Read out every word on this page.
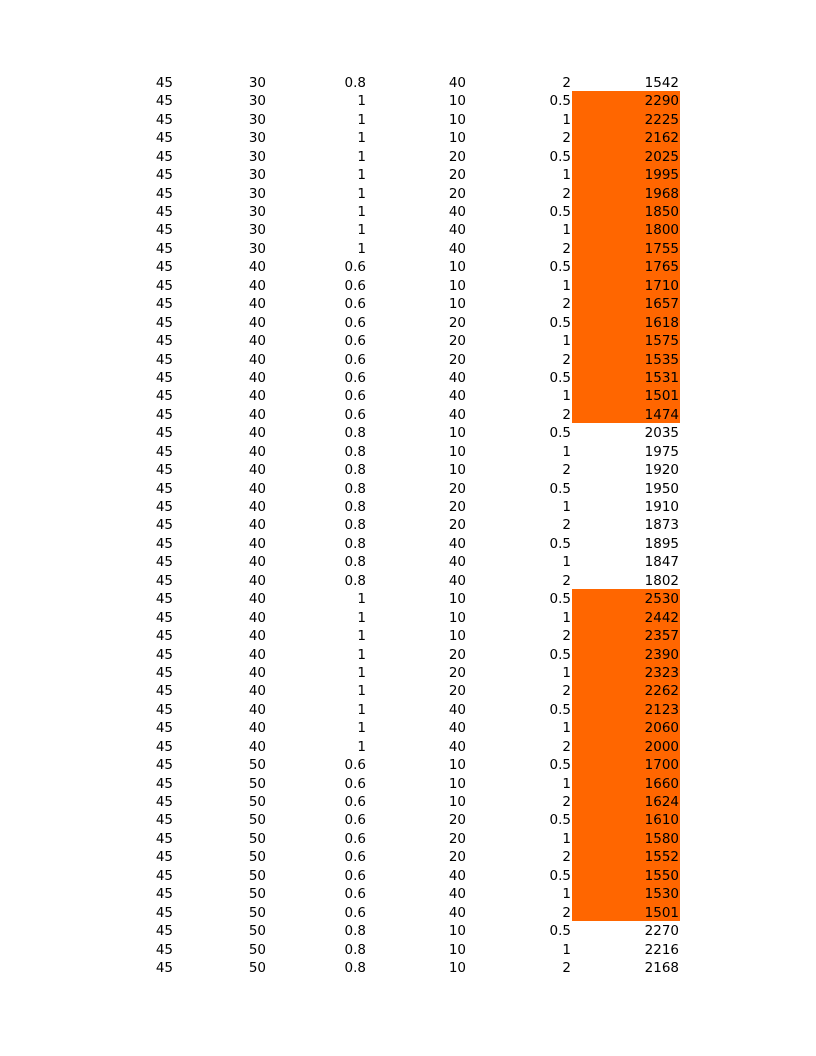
45	30	0.8	40	2	1542
45	30	1	10	0.5	2290
45	30	1	10	1	2225
45	30	1	10	2	2162
45	30	1	20	0.5	2025
45	30	1	20	1	1995
45	30	1	20	2	1968
45	30	1	40	0.5	1850
45	30	1	40	1	1800
45	30	1	40	2	1755
45	40	0.6	10	0.5	1765
45	40	0.6	10	1	1710
45	40	0.6	10	2	1657
45	40	0.6	20	0.5	1618
45	40	0.6	20	1	1575
45	40	0.6	20	2	1535
45	40	0.6	40	0.5	1531
45	40	0.6	40	1	1501
45	40	0.6	40	2	1474
45	40	0.8	10	0.5	2035
45	40	0.8	10	1	1975
45	40	0.8	10	2	1920
45	40	0.8	20	0.5	1950
45	40	0.8	20	1	1910
45	40	0.8	20	2	1873
45	40	0.8	40	0.5	1895
45	40	0.8	40	1	1847
45	40	0.8	40	2	1802
45	40	1	10	0.5	2530
45	40	1	10	1	2442
45	40	1	10	2	2357
45	40	1	20	0.5	2390
45	40	1	20	1	2323
45	40	1	20	2	2262
45	40	1	40	0.5	2123
45	40	1	40	1	2060
45	40	1	40	2	2000
45	50	0.6	10	0.5	1700
45	50	0.6	10	1	1660
45	50	0.6	10	2	1624
45	50	0.6	20	0.5	1610
45	50	0.6	20	1	1580
45	50	0.6	20	2	1552
45	50	0.6	40	0.5	1550
45	50	0.6	40	1	1530
45	50	0.6	40	2	1501
45	50	0.8	10	0.5	2270
45	50	0.8	10	1	2216
45	50	0.8	10	2	2168
